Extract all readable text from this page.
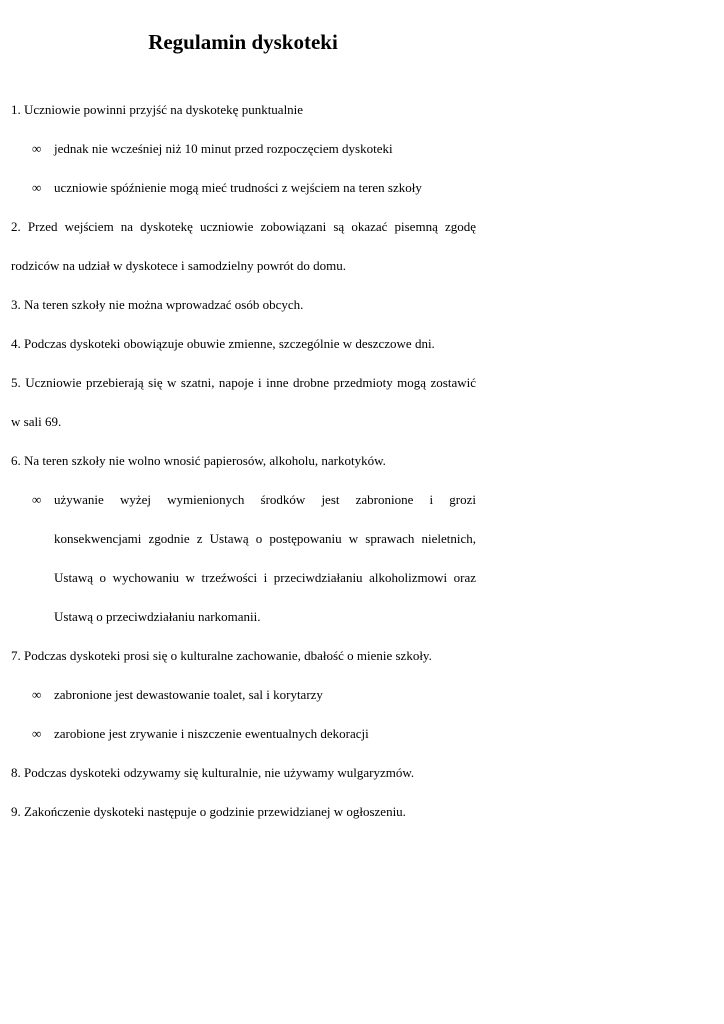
Regulamin dyskoteki
1. Uczniowie powinni przyjść na dyskotekę punktualnie
∞ jednak nie wcześniej niż 10 minut przed rozpoczęciem dyskoteki
∞ uczniowie spóźnienie mogą mieć trudności z wejściem na teren szkoły
2. Przed wejściem na dyskotekę uczniowie zobowiązani są okazać pisemną zgodę
rodziców na udział w dyskotece i samodzielny powrót do domu.
3. Na teren szkoły nie można wprowadzać osób obcych.
4. Podczas dyskoteki obowiązuje obuwie zmienne, szczególnie w deszczowe dni.
5. Uczniowie przebierają się w szatni, napoje i inne drobne przedmioty mogą zostawić
w sali 69.
6. Na teren szkoły nie wolno wnosić papierosów, alkoholu, narkotyków.
∞ używanie wyżej wymienionych środków jest zabronione i grozi
konsekwencjami zgodnie z Ustawą o postępowaniu w sprawach nieletnich,
Ustawą o wychowaniu w trzeźwości i przeciwdziałaniu alkoholizmowi oraz
Ustawą o przeciwdziałaniu narkomanii.
7. Podczas dyskoteki prosi się o kulturalne zachowanie, dbałość o mienie szkoły.
∞ zabronione jest dewastowanie toalet, sal i korytarzy
∞ zarobione jest zrywanie i niszczenie ewentualnych dekoracji
8. Podczas dyskoteki odzywamy się kulturalnie, nie używamy wulgaryzmów.
9. Zakończenie dyskoteki następuje o godzinie przewidzianej w ogłoszeniu.
